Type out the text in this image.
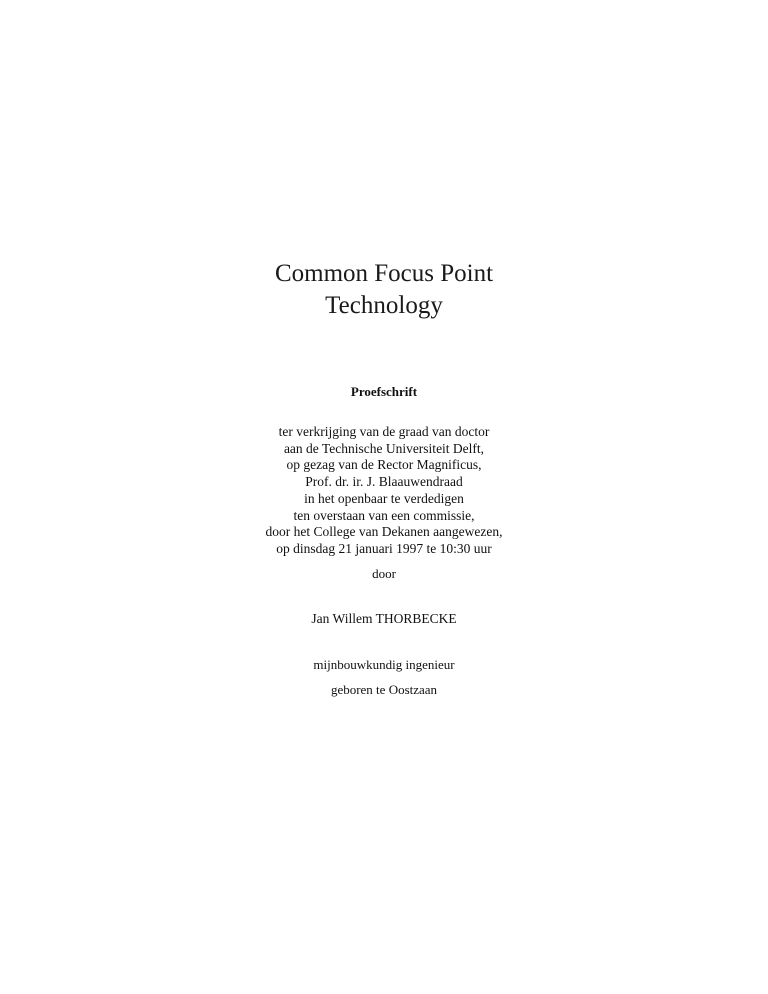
Common Focus Point
Technology
Proefschrift
ter verkrijging van de graad van doctor
aan de Technische Universiteit Delft,
op gezag van de Rector Magnificus,
Prof. dr. ir. J. Blaauwendraad
in het openbaar te verdedigen
ten overstaan van een commissie,
door het College van Dekanen aangewezen,
op dinsdag 21 januari 1997 te 10:30 uur
door
Jan Willem THORBECKE
mijnbouwkundig ingenieur
geboren te Oostzaan
